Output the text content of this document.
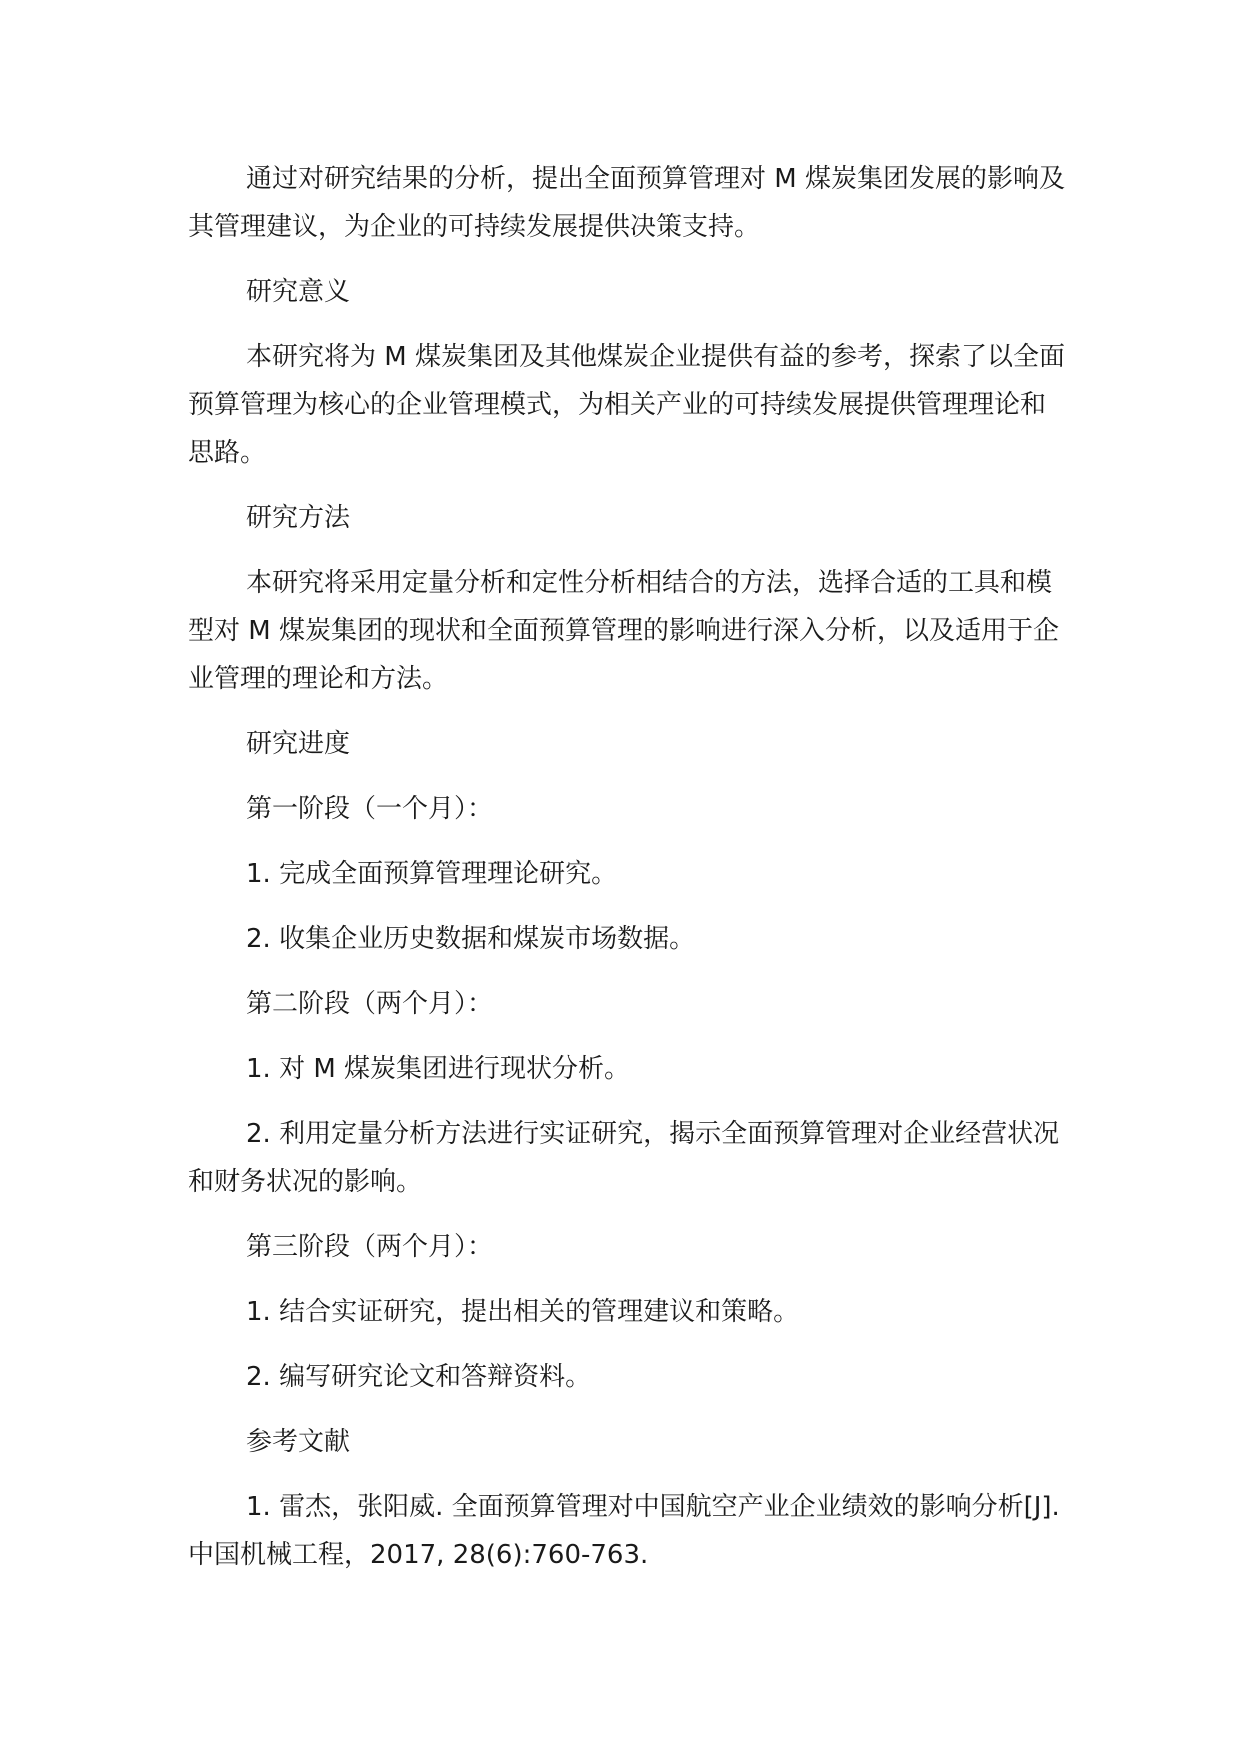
通过对研究结果的分析，提出全面预算管理对 M 煤炭集团发展的影响及其管理建议，为企业的可持续发展提供决策支持。

研究意义

本研究将为 M 煤炭集团及其他煤炭企业提供有益的参考，探索了以全面预算管理为核心的企业管理模式，为相关产业的可持续发展提供管理理论和思路。

研究方法

本研究将采用定量分析和定性分析相结合的方法，选择合适的工具和模型对 M 煤炭集团的现状和全面预算管理的影响进行深入分析，以及适用于企业管理的理论和方法。

研究进度

第一阶段（一个月）：

1. 完成全面预算管理理论研究。

2. 收集企业历史数据和煤炭市场数据。

第二阶段（两个月）：

1. 对 M 煤炭集团进行现状分析。

2. 利用定量分析方法进行实证研究，揭示全面预算管理对企业经营状况和财务状况的影响。

第三阶段（两个月）：

1. 结合实证研究，提出相关的管理建议和策略。

2. 编写研究论文和答辩资料。

参考文献

1. 雷杰，张阳威. 全面预算管理对中国航空产业企业绩效的影响分析[J]. 中国机械工程，2017, 28(6):760-763.
